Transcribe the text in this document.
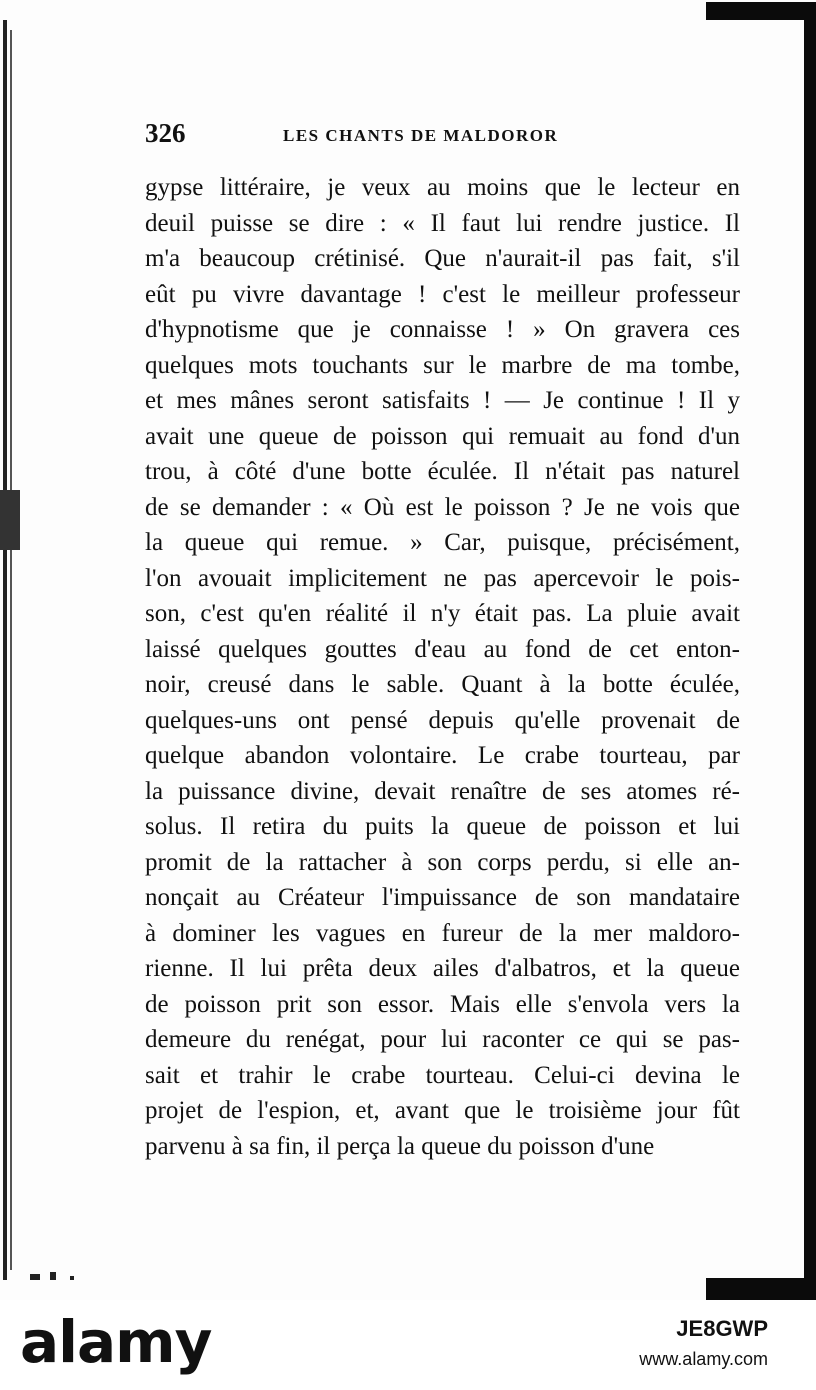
326	LES CHANTS DE MALDOROR
gypse littéraire, je veux au moins que le lecteur en
deuil puisse se dire : « Il faut lui rendre justice. Il
m'a beaucoup crétinisé. Que n'aurait-il pas fait, s'il
eût pu vivre davantage ! c'est le meilleur professeur
d'hypnotisme que je connaisse ! » On gravera ces
quelques mots touchants sur le marbre de ma tombe,
et mes mânes seront satisfaits ! — Je continue ! Il y
avait une queue de poisson qui remuait au fond d'un
trou, à côté d'une botte éculée. Il n'était pas naturel
de se demander : « Où est le poisson ? Je ne vois que
la queue qui remue. » Car, puisque, précisément,
l'on avouait implicitement ne pas apercevoir le pois-
son, c'est qu'en réalité il n'y était pas. La pluie avait
laissé quelques gouttes d'eau au fond de cet enton-
noir, creusé dans le sable. Quant à la botte éculée,
quelques-uns ont pensé depuis qu'elle provenait de
quelque abandon volontaire. Le crabe tourteau, par
la puissance divine, devait renaître de ses atomes ré-
solus. Il retira du puits la queue de poisson et lui
promit de la rattacher à son corps perdu, si elle an-
nonçait au Créateur l'impuissance de son mandataire
à dominer les vagues en fureur de la mer maldoro-
rienne. Il lui prêta deux ailes d'albatros, et la queue
de poisson prit son essor. Mais elle s'envola vers la
demeure du renégat, pour lui raconter ce qui se pas-
sait et trahir le crabe tourteau. Celui-ci devina le
projet de l'espion, et, avant que le troisième jour fût
parvenu à sa fin, il perça la queue du poisson d'une
alamy	JE8GWP
www.alamy.com
